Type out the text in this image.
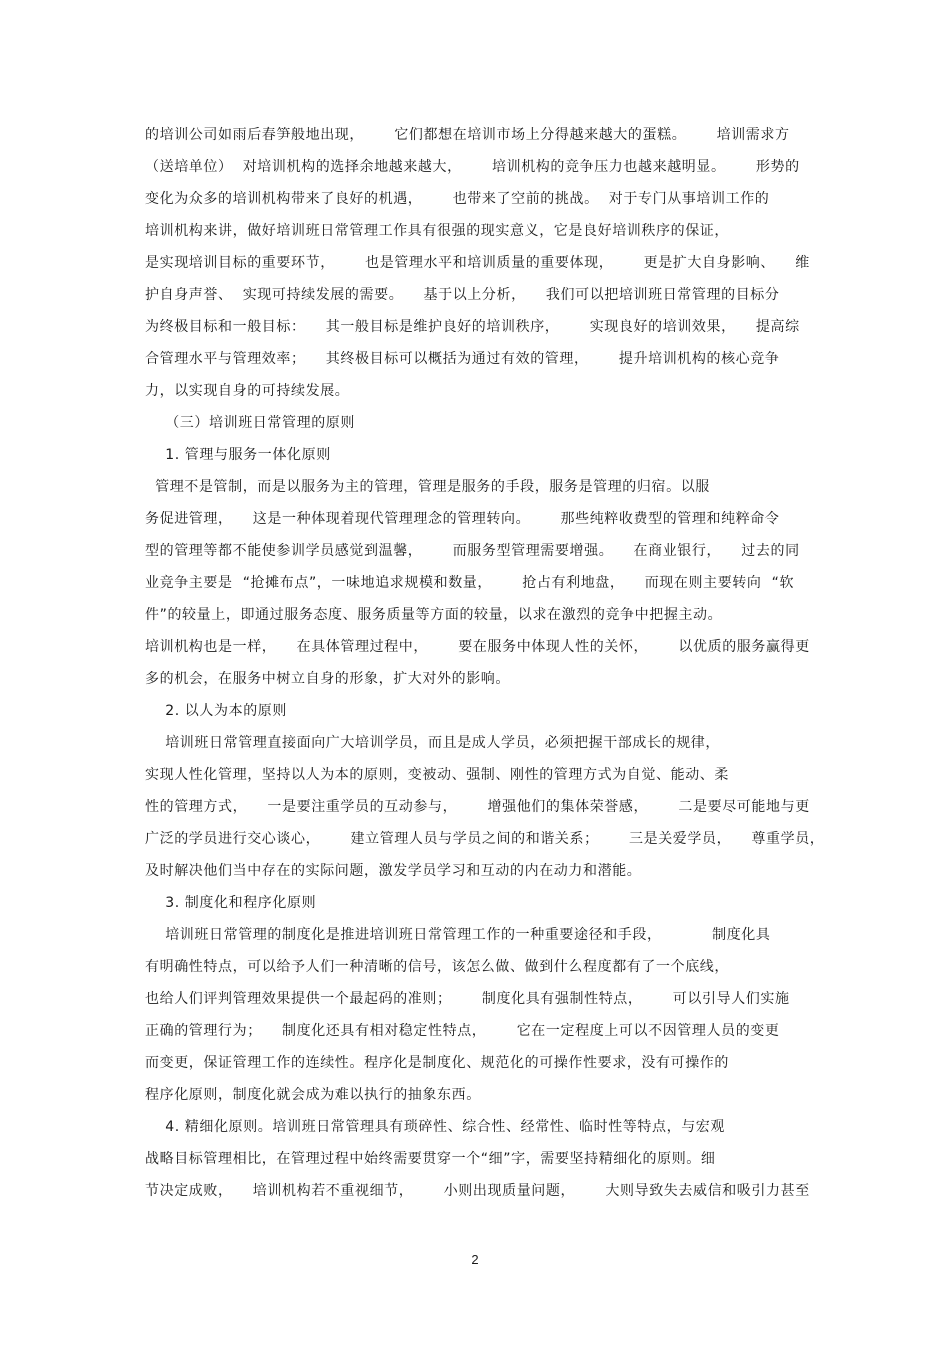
的培训公司如雨后春笋般地出现，      它们都想在培训市场上分得越来越大的蛋糕。      培训需求方
（送培单位）  对培训机构的选择余地越来越大，      培训机构的竞争压力也越来越明显。      形势的
变化为众多的培训机构带来了良好的机遇，      也带来了空前的挑战。  对于专门从事培训工作的
培训机构来讲，做好培训班日常管理工作具有很强的现实意义，它是良好培训秩序的保证，
是实现培训目标的重要环节，      也是管理水平和培训质量的重要体现，      更是扩大自身影响、    维
护自身声誉、  实现可持续发展的需要。    基于以上分析，    我们可以把培训班日常管理的目标分
为终极目标和一般目标：    其一般目标是维护良好的培训秩序，      实现良好的培训效果，    提高综
合管理水平与管理效率；    其终极目标可以概括为通过有效的管理，      提升培训机构的核心竞争
力，以实现自身的可持续发展。
（三）培训班日常管理的原则
1. 管理与服务一体化原则
管理不是管制，而是以服务为主的管理，管理是服务的手段，服务是管理的归宿。以服
务促进管理，    这是一种体现着现代管理理念的管理转向。      那些纯粹收费型的管理和纯粹命令
型的管理等都不能使参训学员感觉到温馨，      而服务型管理需要增强。    在商业银行，    过去的同
业竞争主要是  “抢摊布点”，一味地追求规模和数量，      抢占有利地盘，    而现在则主要转向  “软
件”的较量上，即通过服务态度、服务质量等方面的较量，以求在激烈的竞争中把握主动。
培训机构也是一样，    在具体管理过程中，      要在服务中体现人性的关怀，      以优质的服务赢得更
多的机会，在服务中树立自身的形象，扩大对外的影响。
2. 以人为本的原则
培训班日常管理直接面向广大培训学员，而且是成人学员，必须把握干部成长的规律，
实现人性化管理，坚持以人为本的原则，变被动、强制、刚性的管理方式为自觉、能动、柔
性的管理方式，    一是要注重学员的互动参与，      增强他们的集体荣誉感，      二是要尽可能地与更
广泛的学员进行交心谈心，      建立管理人员与学员之间的和谐关系；      三是关爱学员，    尊重学员，
及时解决他们当中存在的实际问题，激发学员学习和互动的内在动力和潜能。
3. 制度化和程序化原则
培训班日常管理的制度化是推进培训班日常管理工作的一种重要途径和手段，          制度化具
有明确性特点，可以给予人们一种清晰的信号，该怎么做、做到什么程度都有了一个底线，
也给人们评判管理效果提供一个最起码的准则；      制度化具有强制性特点，      可以引导人们实施
正确的管理行为；    制度化还具有相对稳定性特点，      它在一定程度上可以不因管理人员的变更
而变更，保证管理工作的连续性。程序化是制度化、规范化的可操作性要求，没有可操作的
程序化原则，制度化就会成为难以执行的抽象东西。
4. 精细化原则。培训班日常管理具有琐碎性、综合性、经常性、临时性等特点，与宏观
战略目标管理相比，在管理过程中始终需要贯穿一个“细”字，需要坚持精细化的原则。细
节决定成败，    培训机构若不重视细节，      小则出现质量问题，      大则导致失去威信和吸引力甚至
2
